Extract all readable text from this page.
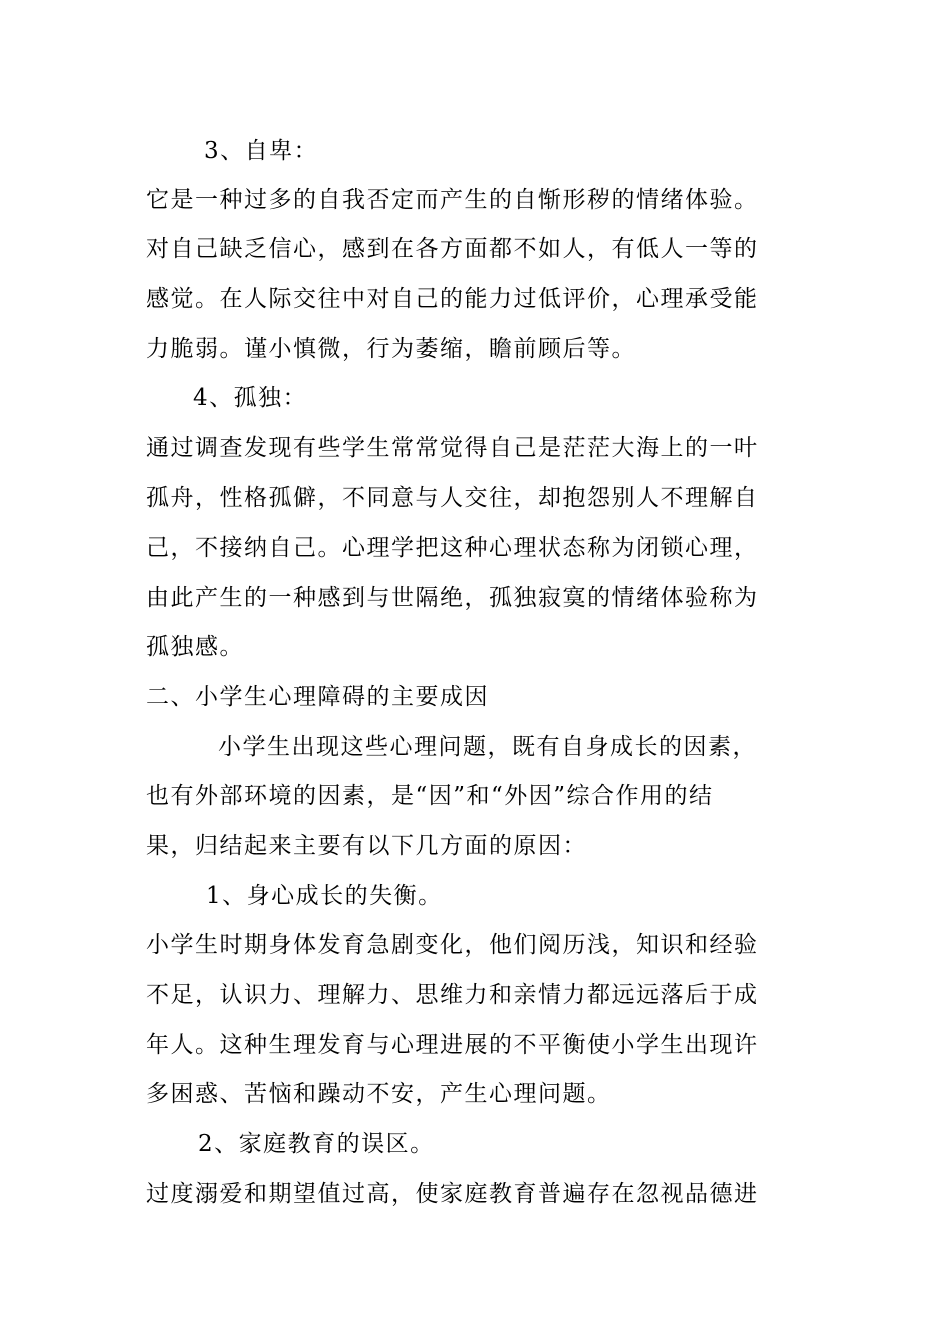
3、自卑：
它是一种过多的自我否定而产生的自惭形秽的情绪体验。
对自己缺乏信心，感到在各方面都不如人，有低人一等的
感觉。在人际交往中对自己的能力过低评价，心理承受能
力脆弱。谨小慎微，行为萎缩，瞻前顾后等。
4、孤独：
通过调查发现有些学生常常觉得自己是茫茫大海上的一叶
孤舟，性格孤僻，不同意与人交往，却抱怨别人不理解自
己，不接纳自己。心理学把这种心理状态称为闭锁心理，
由此产生的一种感到与世隔绝，孤独寂寞的情绪体验称为
孤独感。
二、小学生心理障碍的主要成因
小学生出现这些心理问题，既有自身成长的因素，
也有外部环境的因素，是“因”和“外因”综合作用的结
果，归结起来主要有以下几方面的原因：
1、身心成长的失衡。
小学生时期身体发育急剧变化，他们阅历浅，知识和经验
不足，认识力、理解力、思维力和亲情力都远远落后于成
年人。这种生理发育与心理进展的不平衡使小学生出现许
多困惑、苦恼和躁动不安，产生心理问题。
2、家庭教育的误区。
过度溺爱和期望值过高，使家庭教育普遍存在忽视品德进
